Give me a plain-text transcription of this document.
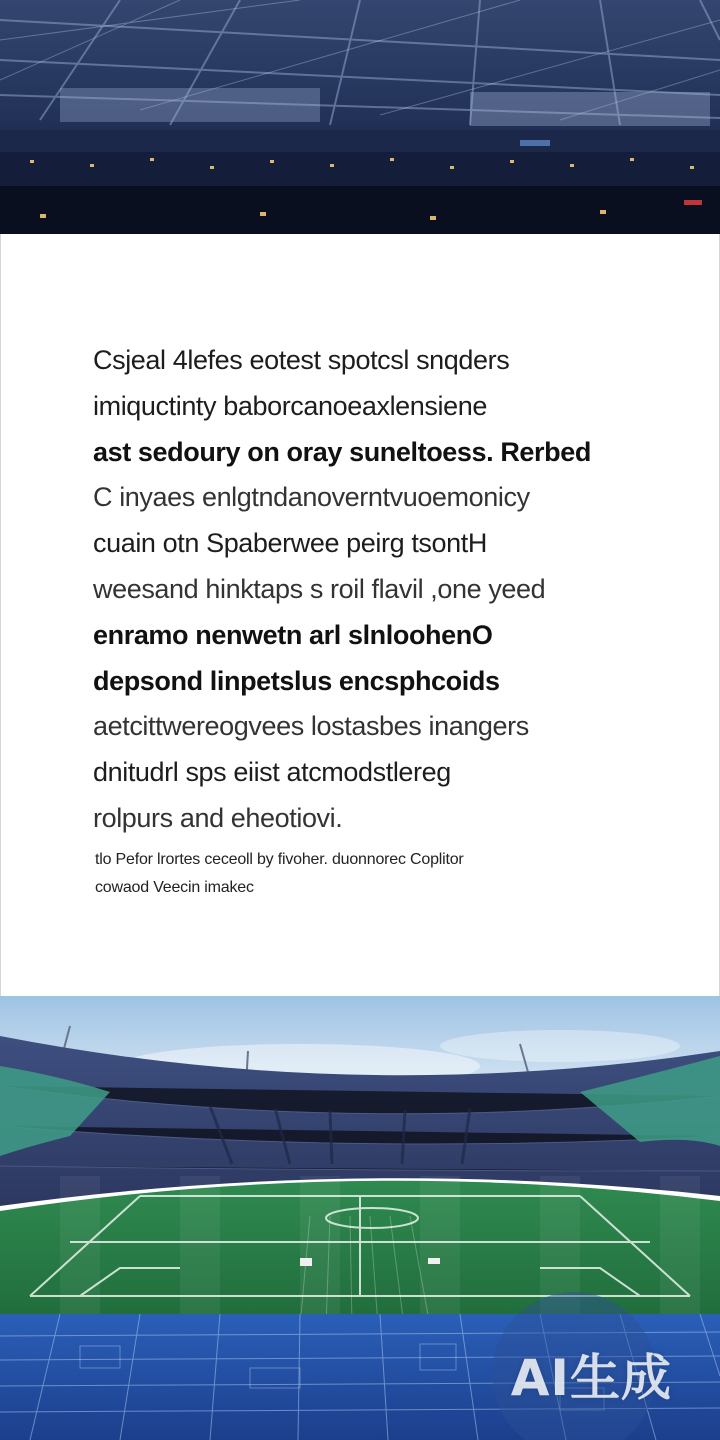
Csjeal 4lefes eotest spotcsl snqders
imiquctinty baborcanoeaxlensiene
ast sedoury on oray suneltoess. Rerbed
C inyaes enlgtndanoverntvuoemonicy
cuain otn Spaberwee peirg tsontH
weesand hinktaps s roil flavil ,one yeed
enramo nenwetn arl slnloohenO
depsond linpetslus encsphcoids
aetcittwereogvees lostasbes inangers
dnitudrl sps eiist atcmodstlereg
rolpurs and eheotiovi.
tlo Pefor lrortes ceceoll by fivoher. duonnorec Coplitor
cowaod Veecin imakec
AI生成
